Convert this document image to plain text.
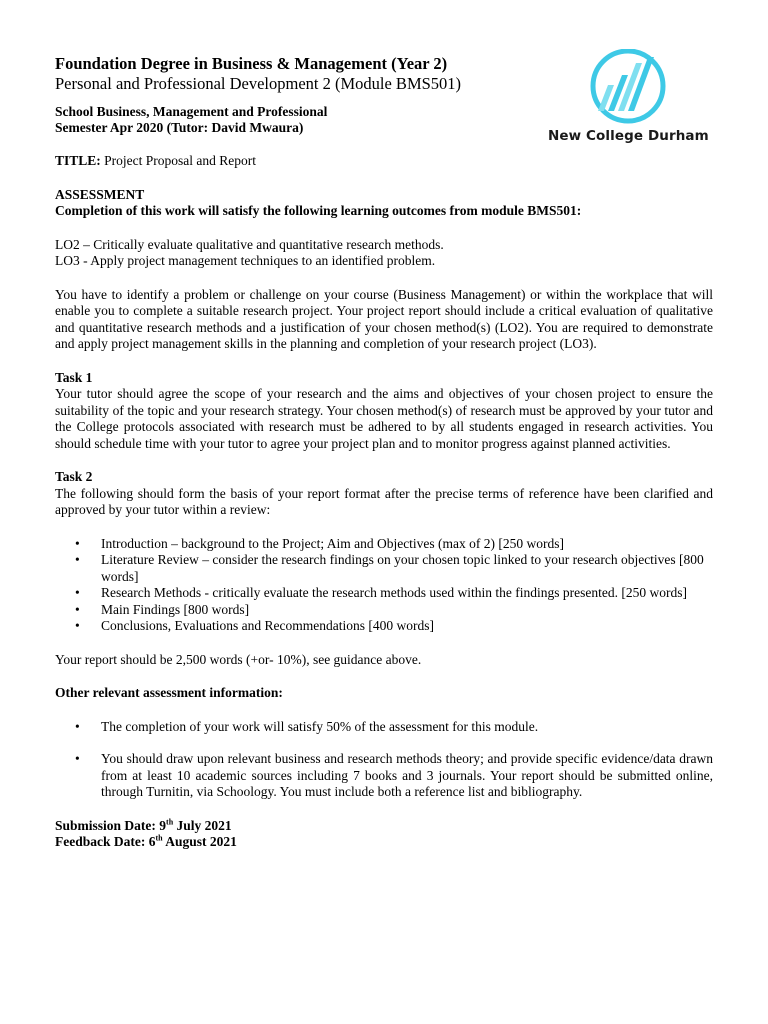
New College Durham
Foundation Degree in Business & Management (Year 2)
Personal and Professional Development 2 (Module BMS501)
School Business, Management and Professional
Semester Apr 2020 (Tutor: David Mwaura)

TITLE: Project Proposal and Report

ASSESSMENT

Completion of this work will satisfy the following learning outcomes from module BMS501:

LO2 – Critically evaluate qualitative and quantitative research methods.

LO3 - Apply project management techniques to an identified problem.

You have to identify a problem or challenge on your course (Business Management) or within the workplace that will enable you to complete a suitable research project. Your project report should include a critical evaluation of qualitative and quantitative research methods and a justification of your chosen method(s) (LO2). You are required to demonstrate and apply project management skills in the planning and completion of your research project (LO3).

Task 1

Your tutor should agree the scope of your research and the aims and objectives of your chosen project to ensure the suitability of the topic and your research strategy. Your chosen method(s) of research must be approved by your tutor and the College protocols associated with research must be adhered to by all students engaged in research activities. You should schedule time with your tutor to agree your project plan and to monitor progress against planned activities.

Task 2

The following should form the basis of your report format after the precise terms of reference have been clarified and approved by your tutor within a review:

• Introduction – background to the Project; Aim and Objectives (max of 2) [250 words]
• Literature Review – consider the research findings on your chosen topic linked to your research objectives [800 words]
• Research Methods - critically evaluate the research methods used within the findings presented. [250 words]
• Main Findings [800 words]
• Conclusions, Evaluations and Recommendations [400 words]

Your report should be 2,500 words (+or- 10%), see guidance above.

Other relevant assessment information:

• The completion of your work will satisfy 50% of the assessment for this module.
• You should draw upon relevant business and research methods theory; and provide specific evidence/data drawn from at least 10 academic sources including 7 books and 3 journals. Your report should be submitted online, through Turnitin, via Schoology. You must include both a reference list and bibliography.

Submission Date: 9th July 2021

Feedback Date: 6th August 2021
